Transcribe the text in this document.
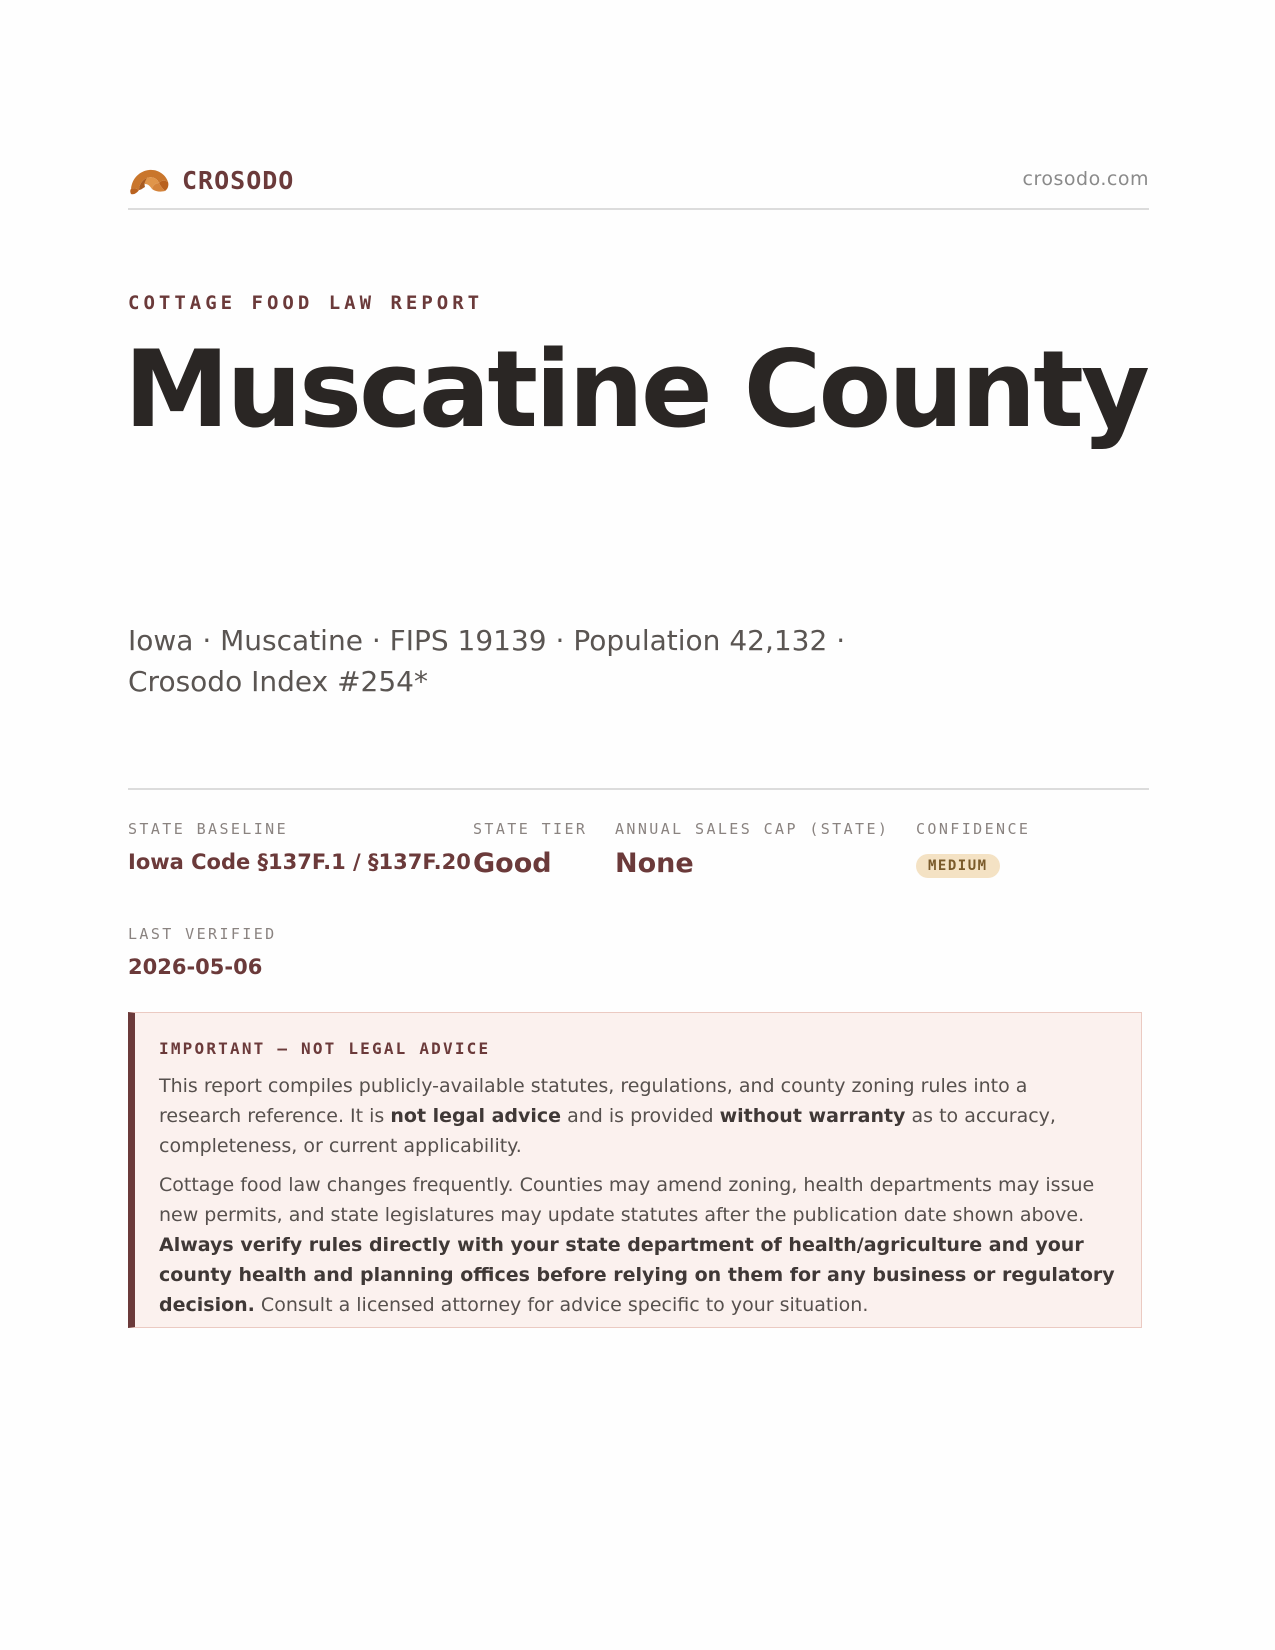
CROSODO	crosodo.com
COTTAGE FOOD LAW REPORT
Muscatine County
Iowa · Muscatine · FIPS 19139 · Population 42,132 · Crosodo Index #254*
STATE BASELINE
Iowa Code §137F.1 / §137F.20
STATE TIER
Good
ANNUAL SALES CAP (STATE)
None
CONFIDENCE
MEDIUM
LAST VERIFIED
2026-05-06
IMPORTANT — NOT LEGAL ADVICE

This report compiles publicly-available statutes, regulations, and county zoning rules into a research reference. It is not legal advice and is provided without warranty as to accuracy, completeness, or current applicability.

Cottage food law changes frequently. Counties may amend zoning, health departments may issue new permits, and state legislatures may update statutes after the publication date shown above. Always verify rules directly with your state department of health/agriculture and your county health and planning offices before relying on them for any business or regulatory decision. Consult a licensed attorney for advice specific to your situation.
